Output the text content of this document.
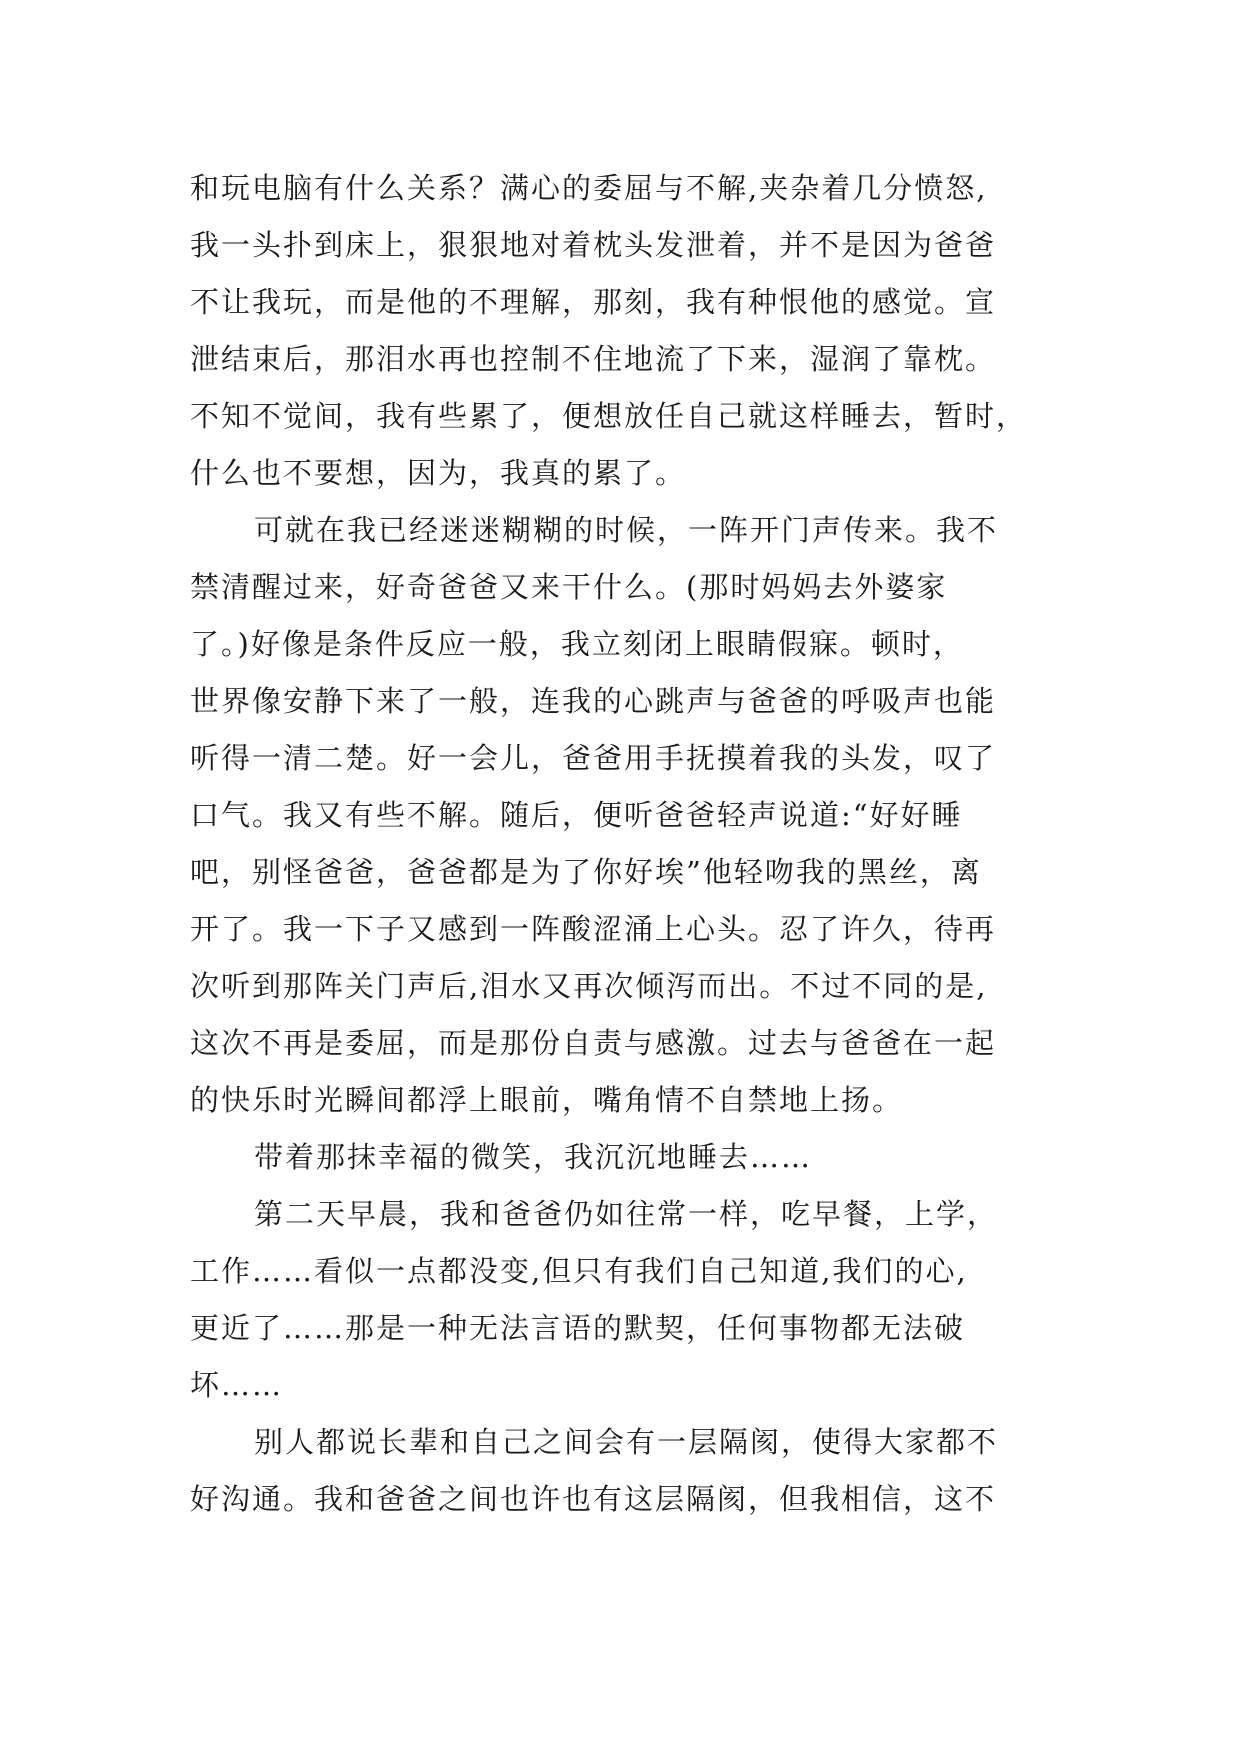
和玩电脑有什么关系？满心的委屈与不解,夹杂着几分愤怒,
我一头扑到床上，狠狠地对着枕头发泄着，并不是因为爸爸
不让我玩，而是他的不理解，那刻，我有种恨他的感觉。宣
泄结束后，那泪水再也控制不住地流了下来，湿润了靠枕。
不知不觉间，我有些累了，便想放任自己就这样睡去，暂时，
什么也不要想，因为，我真的累了。
可就在我已经迷迷糊糊的时候，一阵开门声传来。我不
禁清醒过来，好奇爸爸又来干什么。(那时妈妈去外婆家
了。)好像是条件反应一般，我立刻闭上眼睛假寐。顿时，
世界像安静下来了一般，连我的心跳声与爸爸的呼吸声也能
听得一清二楚。好一会儿，爸爸用手抚摸着我的头发，叹了
口气。我又有些不解。随后，便听爸爸轻声说道:“好好睡
吧，别怪爸爸，爸爸都是为了你好埃”他轻吻我的黑丝，离
开了。我一下子又感到一阵酸涩涌上心头。忍了许久，待再
次听到那阵关门声后,泪水又再次倾泻而出。不过不同的是,
这次不再是委屈，而是那份自责与感激。过去与爸爸在一起
的快乐时光瞬间都浮上眼前，嘴角情不自禁地上扬。
带着那抹幸福的微笑，我沉沉地睡去……
第二天早晨，我和爸爸仍如往常一样，吃早餐，上学，
工作……看似一点都没变,但只有我们自己知道,我们的心,
更近了……那是一种无法言语的默契，任何事物都无法破
坏……
别人都说长辈和自己之间会有一层隔阂，使得大家都不
好沟通。我和爸爸之间也许也有这层隔阂，但我相信，这不
